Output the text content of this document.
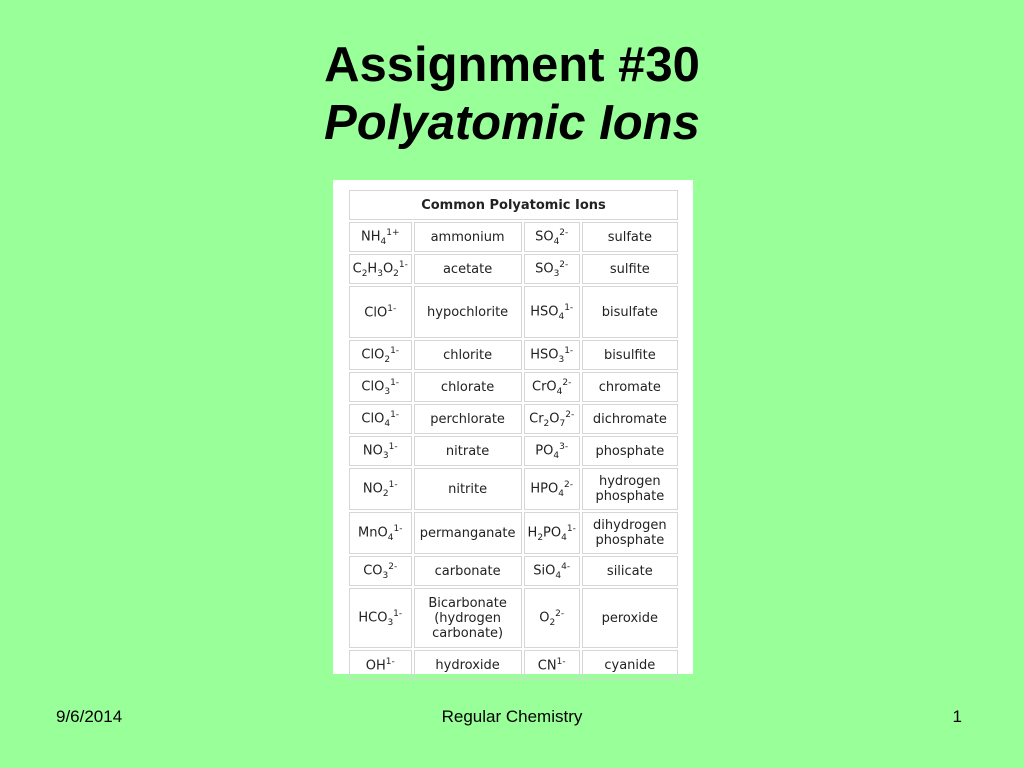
Assignment #30
Polyatomic Ions
Common Polyatomic Ions			
$NH_4^{1+}$	ammonium	$SO_4^{2-}$	sulfate
$C_2H_3O_2^{1-}$	acetate	$SO_3^{2-}$	sulfite
ClO$^{1-}$	hypochlorite	$HSO_4^{1-}$	bisulfate
ClO$_2^{1-}$	chlorite	$HSO_3^{1-}$	bisulfite
ClO$_3^{1-}$	chlorate	CrO$_4^{2-}$	chromate
ClO$_4^{1-}$	perchlorate	$Cr_2O_7^{2-}$	dichromate
$NO_3^{1-}$	nitrate	$PO_4^{3-}$	phosphate
$NO_2^{1-}$	nitrite	$HPO_4^{2-}$	hydrogen
phosphate
MnO$_4^{1-}$	permanganate	$H_2PO_4^{1-}$	dihydrogen
phosphate
$CO_3^{2-}$	carbonate	SiO$_4^{4-}$	silicate
$HCO_3^{1-}$	Bicarbonate
(hydrogen
carbonate)	$O_2^{2-}$	peroxide
$OH^{1-}$	hydroxide	$CN^{1-}$	cyanide
9/6/2014	Regular Chemistry	1
